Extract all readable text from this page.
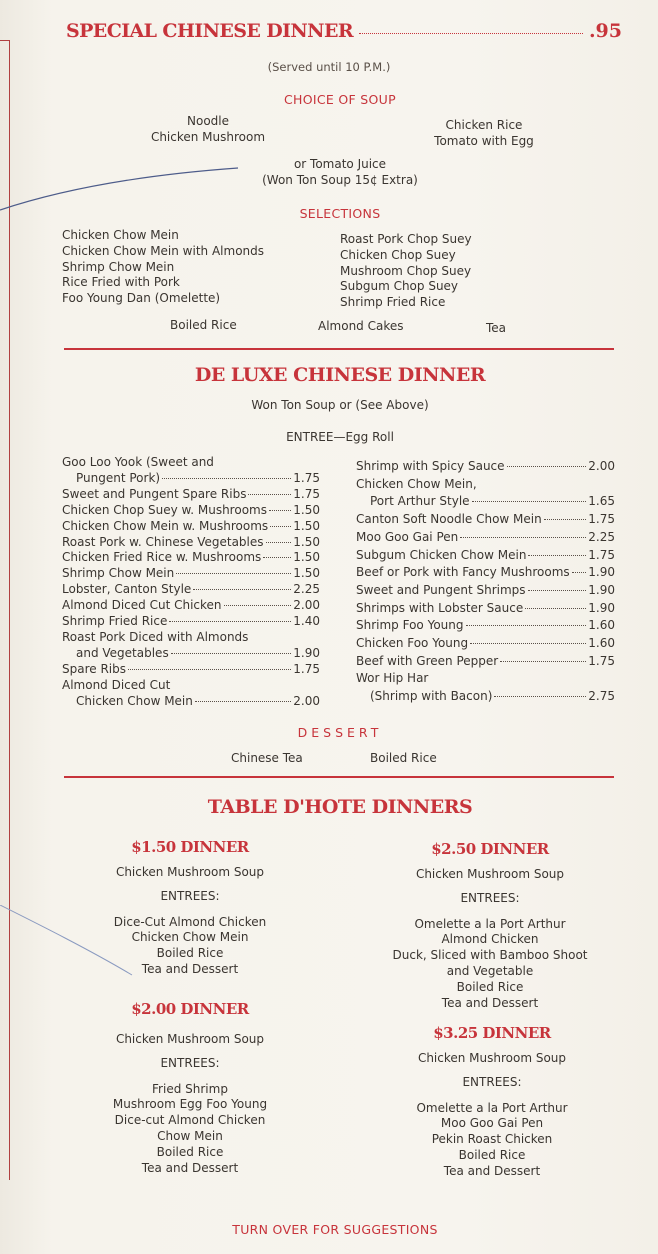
SPECIAL CHINESE DINNER	.95
(Served until 10 P.M.)
CHOICE OF SOUP
Noodle
Chicken Mushroom
Chicken Rice
Tomato with Egg
or Tomato Juice
(Won Ton Soup 15¢ Extra)
SELECTIONS
Chicken Chow Mein
Chicken Chow Mein with Almonds
Shrimp Chow Mein
Rice Fried with Pork
Foo Young Dan (Omelette)
Roast Pork Chop Suey
Chicken Chop Suey
Mushroom Chop Suey
Subgum Chop Suey
Shrimp Fried Rice
Boiled Rice	Almond Cakes	Tea
DE LUXE CHINESE DINNER
Won Ton Soup or (See Above)
ENTREE—Egg Roll
Goo Loo Yook (Sweet and
Pungent Pork)	1.75
Sweet and Pungent Spare Ribs	1.75
Chicken Chop Suey w. Mushrooms 1.50
Chicken Chow Mein w. Mushrooms 1.50
Roast Pork w. Chinese Vegetables 1.50
Chicken Fried Rice w. Mushrooms	1.50
Shrimp Chow Mein	1.50
Lobster, Canton Style	2.25
Almond Diced Cut Chicken	2.00
Shrimp Fried Rice	1.40
Roast Pork Diced with Almonds
and Vegetables	1.90
Spare Ribs	1.75
Almond Diced Cut
Chicken Chow Mein	2.00
Shrimp with Spicy Sauce	2.00
Chicken Chow Mein,
Port Arthur Style	1.65
Canton Soft Noodle Chow Mein	1.75
Moo Goo Gai Pen	2.25
Subgum Chicken Chow Mein	1.75
Beef or Pork with Fancy Mushrooms 1.90
Sweet and Pungent Shrimps	1.90
Shrimps with Lobster Sauce	1.90
Shrimp Foo Young	1.60
Chicken Foo Young	1.60
Beef with Green Pepper	1.75
Wor Hip Har
(Shrimp with Bacon)	2.75
DESSERT
Chinese Tea	Boiled Rice
TABLE D'HOTE DINNERS
$1.50 DINNER
Chicken Mushroom Soup
ENTREES:
Dice-Cut Almond Chicken
Chicken Chow Mein
Boiled Rice
Tea and Dessert
$2.00 DINNER
Chicken Mushroom Soup
ENTREES:
Fried Shrimp
Mushroom Egg Foo Young
Dice-cut Almond Chicken
Chow Mein
Boiled Rice
Tea and Dessert
$2.50 DINNER
Chicken Mushroom Soup
ENTREES:
Omelette a la Port Arthur
Almond Chicken
Duck, Sliced with Bamboo Shoot
and Vegetable
Boiled Rice
Tea and Dessert
$3.25 DINNER
Chicken Mushroom Soup
ENTREES:
Omelette a la Port Arthur
Moo Goo Gai Pen
Pekin Roast Chicken
Boiled Rice
Tea and Dessert
TURN OVER FOR SUGGESTIONS
